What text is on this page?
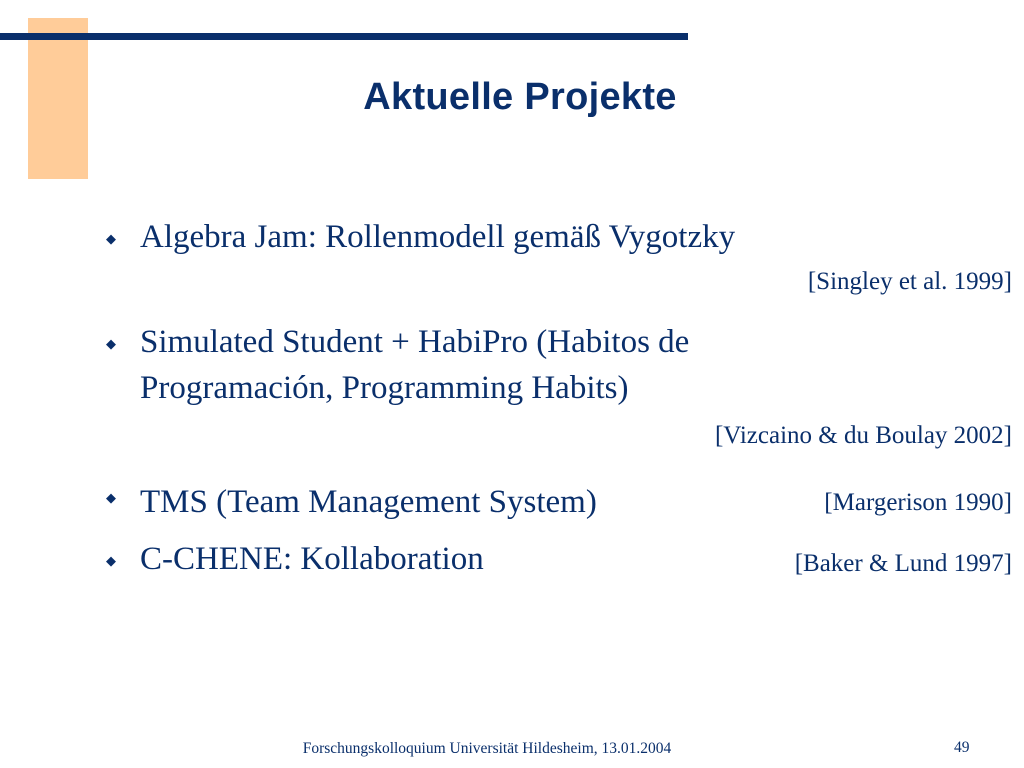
Aktuelle Projekte
◆ Algebra Jam: Rollenmodell gemäß Vygotzky
[Singley et al. 1999]
◆ Simulated Student + HabiPro (Habitos de
Programación, Programming Habits)
[Vizcaino & du Boulay 2002]
◆ TMS (Team Management System)	[Margerison 1990]
◆ C-CHENE: Kollaboration	[Baker & Lund 1997]
Forschungskolloquium Universität Hildesheim, 13.01.2004	49
